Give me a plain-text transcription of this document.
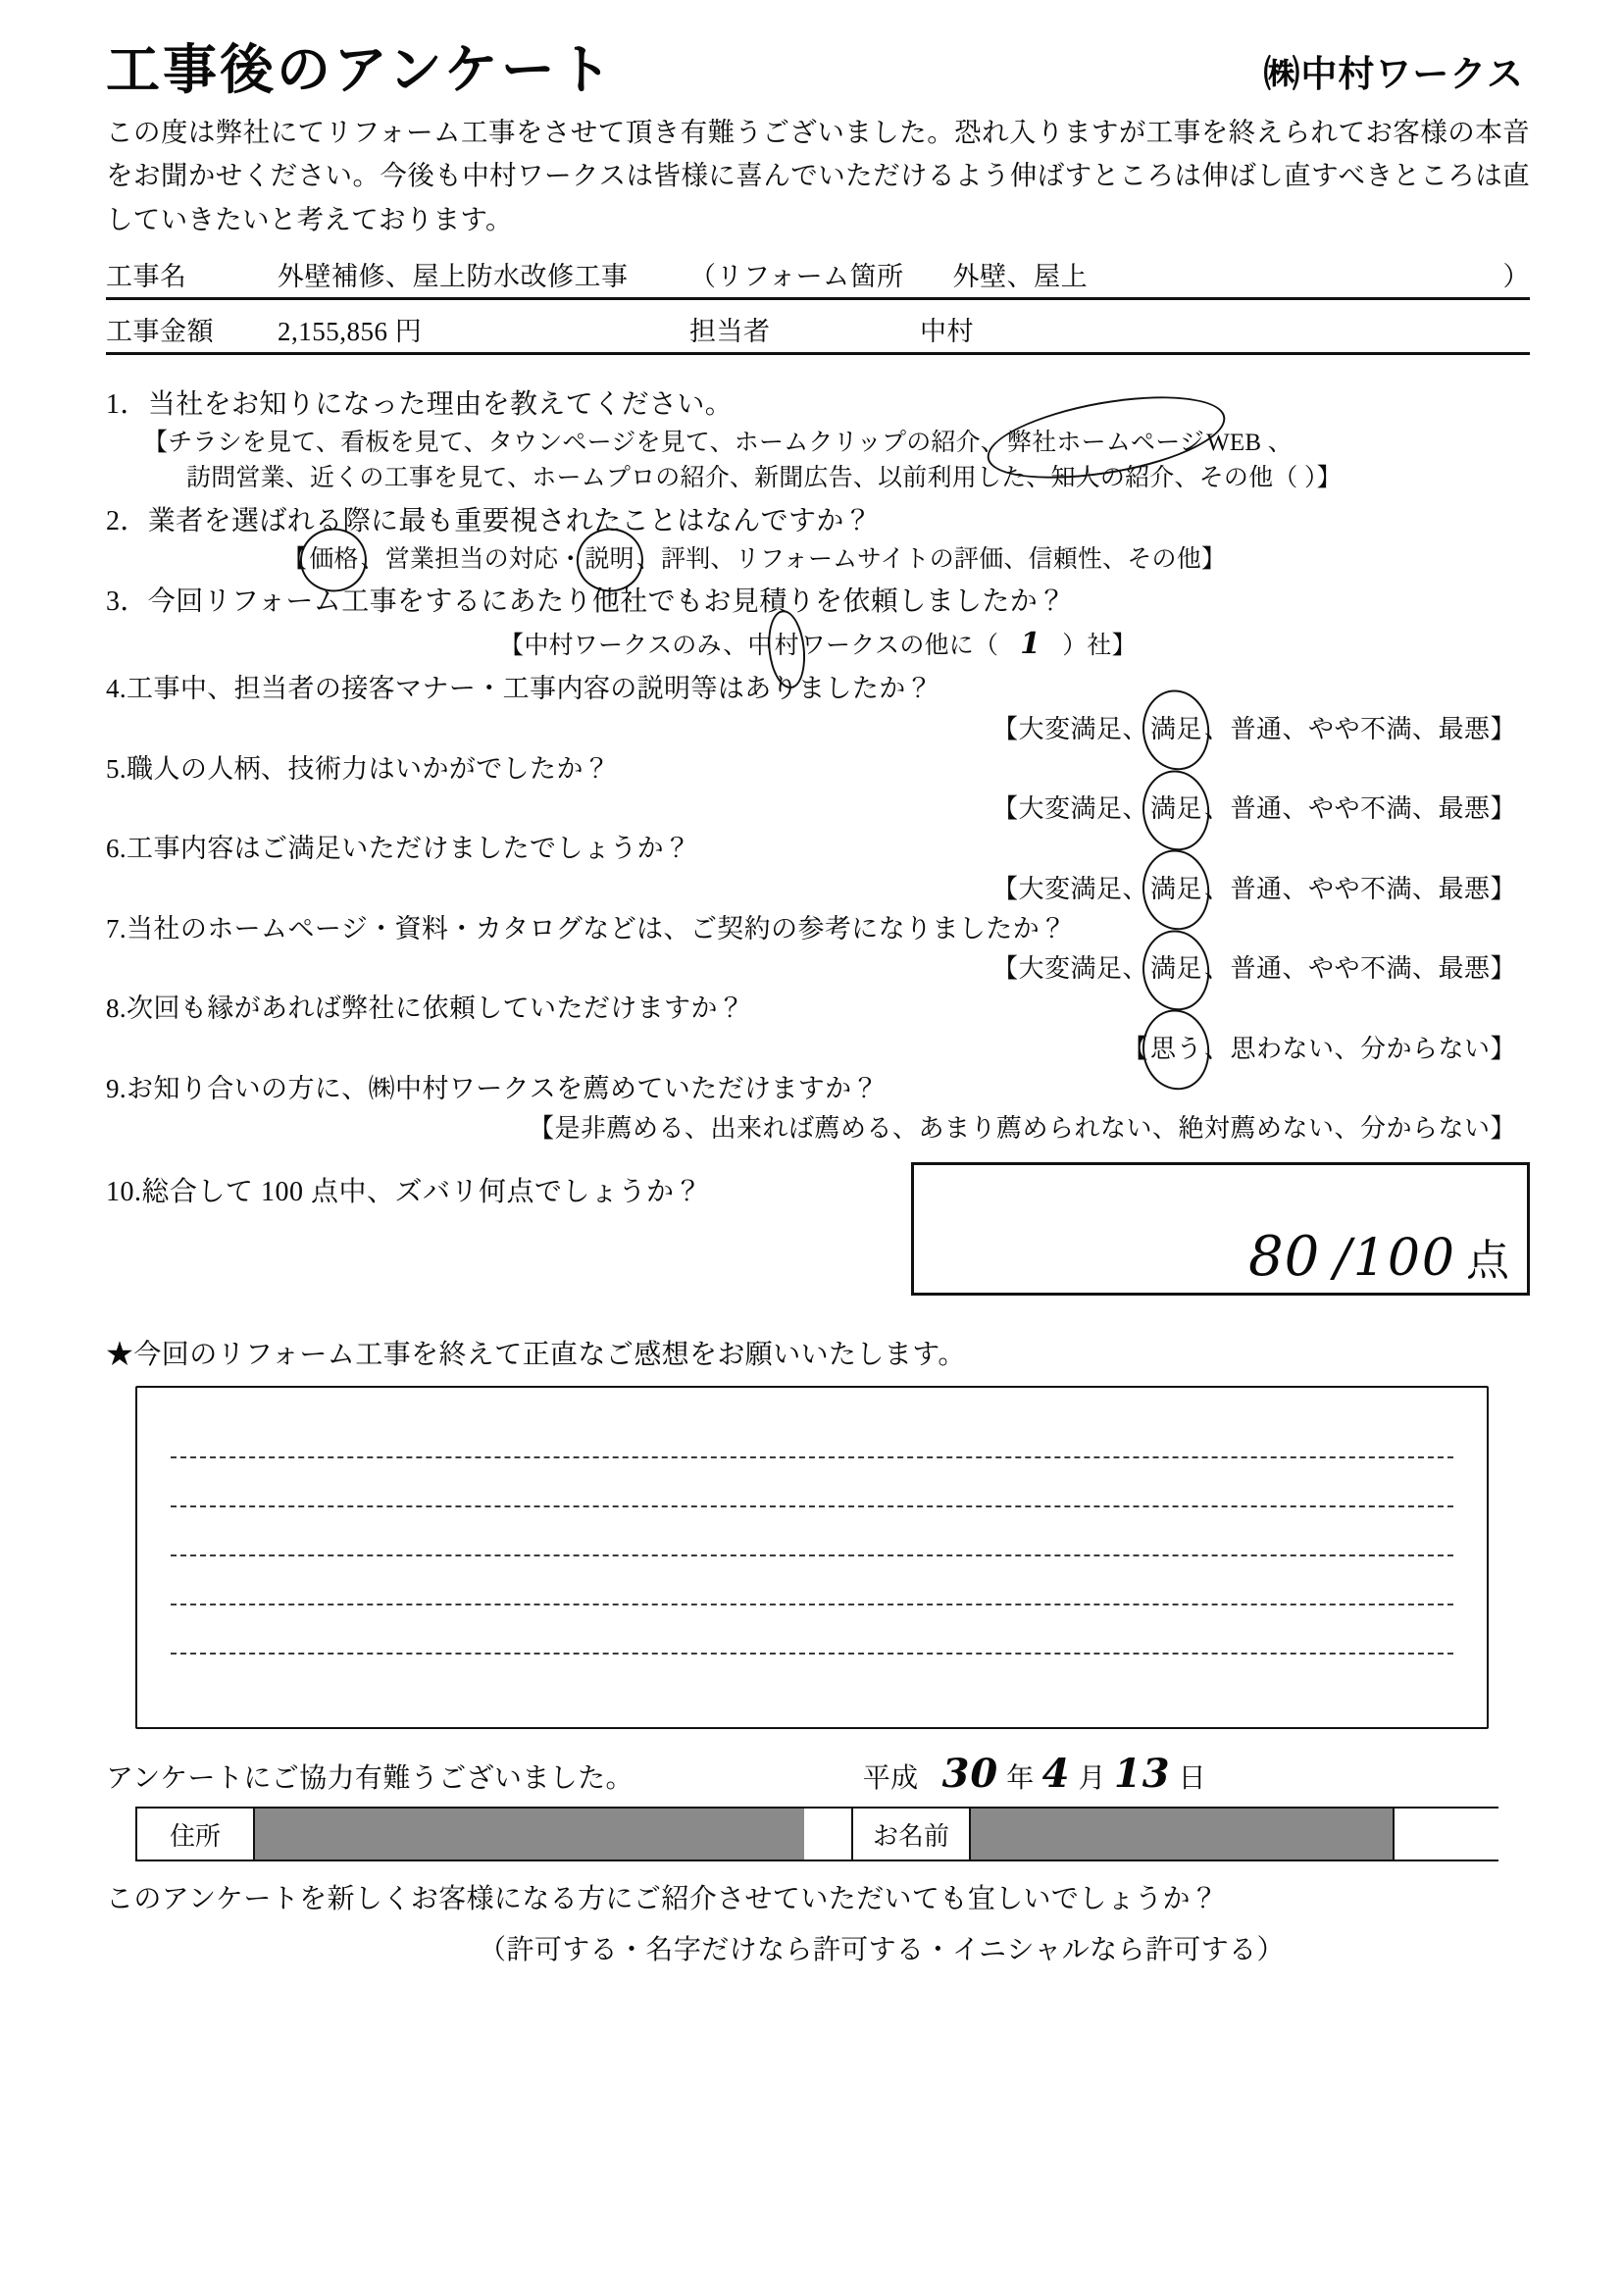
工事後のアンケート	㈱中村ワークス
この度は弊社にてリフォーム工事をさせて頂き有難うございました。恐れ入りますが工事を終えられてお客様の本音をお聞かせください。今後も中村ワークスは皆様に喜んでいただけるよう伸ばすところは伸ばし直すべきところは直していきたいと考えております。
工事名	外壁補修、屋上防水改修工事	（リフォーム箇所	外壁、屋上	）
工事金額	2,155,856 円	担当者	中村
1．当社をお知りになった理由を教えてください。
【チラシを見て、看板を見て、タウンページを見て、ホームクリップの紹介、弊社ホームページWEB 、
訪問営業、近くの工事を見て、ホームプロの紹介、新聞広告、以前利用した、知人の紹介、その他（ ）】
2．業者を選ばれる際に最も重要視されたことはなんですか？
【価格、営業担当の対応・説明、評判、リフォームサイトの評価、信頼性、その他】
3．今回リフォーム工事をするにあたり他社でもお見積りを依頼しましたか？
【中村ワークスのみ、中村ワークスの他に（ 1 ）社】
4.工事中、担当者の接客マナー・工事内容の説明等はありましたか？
【大変満足、満足、普通、やや不満、最悪】
5.職人の人柄、技術力はいかがでしたか？
【大変満足、満足、普通、やや不満、最悪】
6.工事内容はご満足いただけましたでしょうか？
【大変満足、満足、普通、やや不満、最悪】
7.当社のホームページ・資料・カタログなどは、ご契約の参考になりましたか？
【大変満足、満足、普通、やや不満、最悪】
8.次回も縁があれば弊社に依頼していただけますか？
【思う、思わない、分からない】
9.お知り合いの方に、㈱中村ワークスを薦めていただけますか？
【是非薦める、出来れば薦める、あまり薦められない、絶対薦めない、分からない】
10.総合して 100 点中、ズバリ何点でしょうか？
80 /100 点
★今回のリフォーム工事を終えて正直なご感想をお願いいたします。
アンケートにご協力有難うございました。	平成 30 年 4 月 13 日
住所	お名前
このアンケートを新しくお客様になる方にご紹介させていただいても宜しいでしょうか？
（許可する・名字だけなら許可する・イニシャルなら許可する）
